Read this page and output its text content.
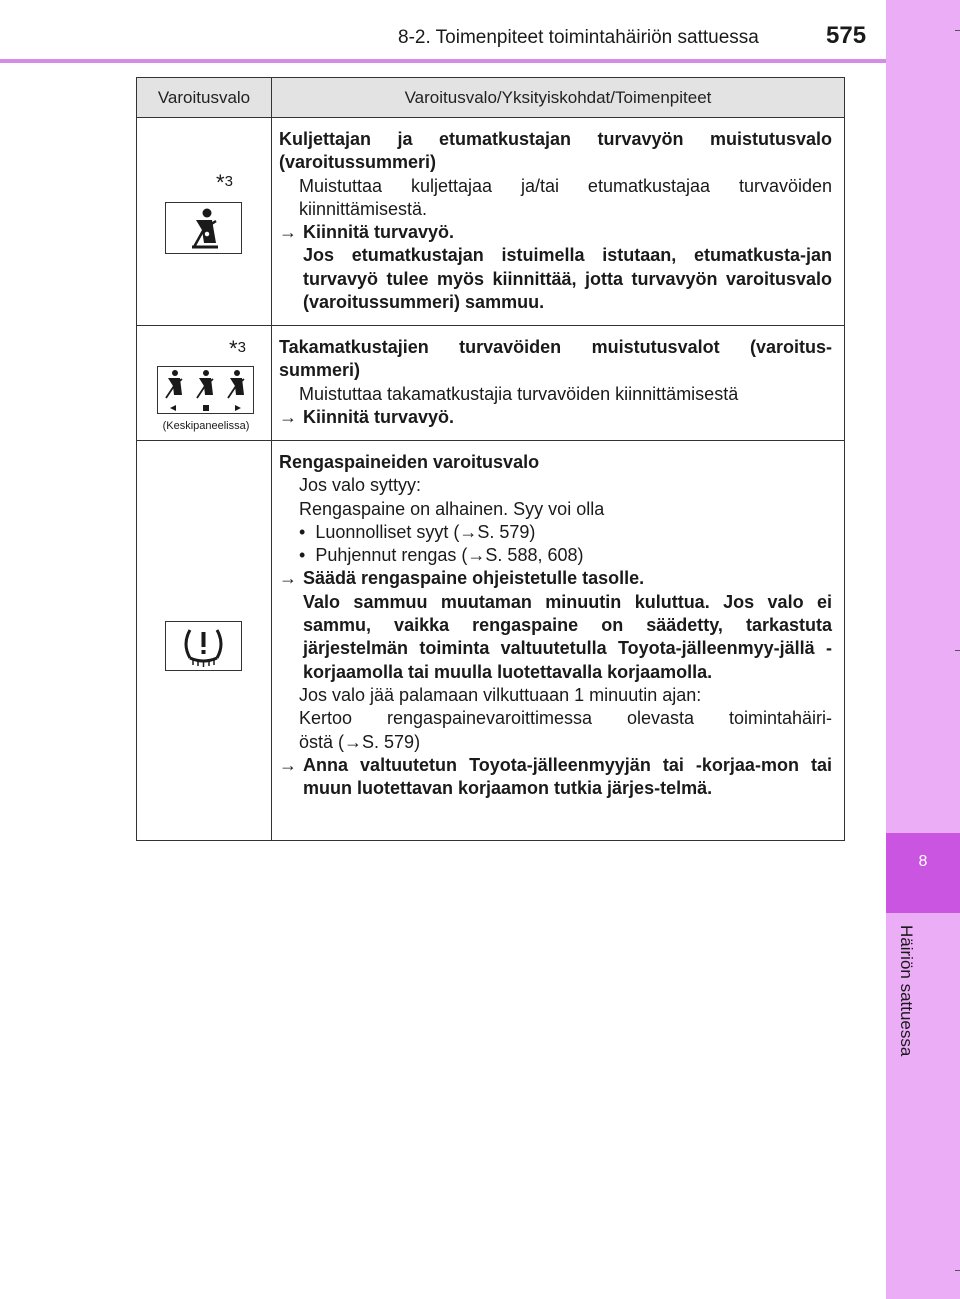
8-2. Toimenpiteet toimintahäiriön sattuessa	575
8
Häiriön sattuessa
Varoitusvalo	Varoitusvalo/Yksityiskohdat/Toimenpiteet
*3
Kuljettajan ja etumatkustajan turvavyön muistutusvalo (varoitussummeri)
Muistuttaa kuljettajaa ja/tai etumatkustajaa turvavöiden kiinnittämisestä.
→ Kiinnitä turvavyö.
Jos etumatkustajan istuimella istutaan, etumatkusta-jan turvavyö tulee myös kiinnittää, jotta turvavyön varoitusvalo (varoitussummeri) sammuu.
*3
(Keskipaneelissa)
Takamatkustajien turvavöiden muistutusvalot (varoitus-summeri)
Muistuttaa takamatkustajia turvavöiden kiinnittämisestä
→ Kiinnitä turvavyö.
Rengaspaineiden varoitusvalo
Jos valo syttyy:
Rengaspaine on alhainen. Syy voi olla
•  Luonnolliset syyt (→S. 579)
•  Puhjennut rengas (→S. 588, 608)
→ Säädä rengaspaine ohjeistetulle tasolle.
Valo sammuu muutaman minuutin kuluttua. Jos valo ei sammu, vaikka rengaspaine on säädetty, tarkastuta järjestelmän toiminta valtuutetulla Toyota-jälleenmyy-jällä -korjaamolla tai muulla luotettavalla korjaamolla.
Jos valo jää palamaan vilkuttuaan 1 minuutin ajan:
Kertoo rengaspainevaroittimessa olevasta toimintahäiri-
östä (→S. 579)
→ Anna valtuutetun Toyota-jälleenmyyjän tai -korjaa-mon tai muun luotettavan korjaamon tutkia järjes-telmä.
